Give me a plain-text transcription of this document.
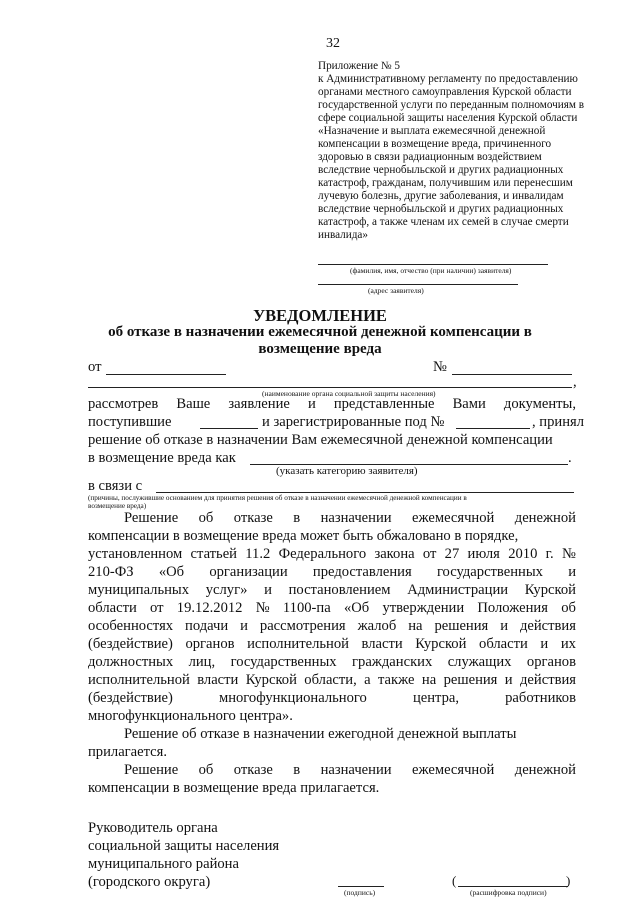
32
Приложение № 5
к Административному регламенту по предоставлению
органами местного самоуправления Курской области
государственной услуги по переданным полномочиям в
сфере социальной защиты населения Курской области
«Назначение и выплата ежемесячной денежной
компенсации в возмещение вреда, причиненного
здоровью в связи радиационным воздействием
вследствие чернобыльской и других радиационных
катастроф, гражданам, получившим или перенесшим
лучевую болезнь, другие заболевания, и инвалидам
вследствие чернобыльской и других радиационных
катастроф, а также членам их семей в случае смерти
инвалида»
(фамилия, имя, отчество (при наличии) заявителя)
(адрес заявителя)
УВЕДОМЛЕНИЕ
об отказе в назначении ежемесячной денежной компенсации в
возмещение вреда
от	№
,
(наименование органа социальной защиты населения)
рассмотрев Ваше заявление и представленные Вами документы,
поступившие	и зарегистрированные под №	, принял
решение об отказе в назначении Вам ежемесячной денежной компенсации
в возмещение вреда как	.
(указать категорию заявителя)
в связи с
(причины, послужившие основанием для принятия решения об отказе в назначении ежемесячной денежной компенсации в
возмещение вреда)
Решение об отказе в назначении ежемесячной денежной
компенсации в возмещение вреда может быть обжаловано в порядке,
установленном статьей 11.2 Федерального закона от 27 июля 2010 г. №
210-ФЗ «Об организации предоставления государственных и
муниципальных услуг» и постановлением Администрации Курской
области от 19.12.2012 № 1100-па «Об утверждении Положения об
особенностях подачи и рассмотрения жалоб на решения и действия
(бездействие) органов исполнительной власти Курской области и их
должностных лиц, государственных гражданских служащих органов
исполнительной власти Курской области, а также на решения и действия
(бездействие)	многофункционального	центра,	работников
многофункционального центра».
Решение об отказе в назначении ежегодной денежной выплаты
прилагается.
Решение об отказе в назначении ежемесячной денежной
компенсации в возмещение вреда прилагается.
Руководитель органа
социальной защиты населения
муниципального района
(городского округа)
(подпись)
(	)
(расшифровка подписи)
